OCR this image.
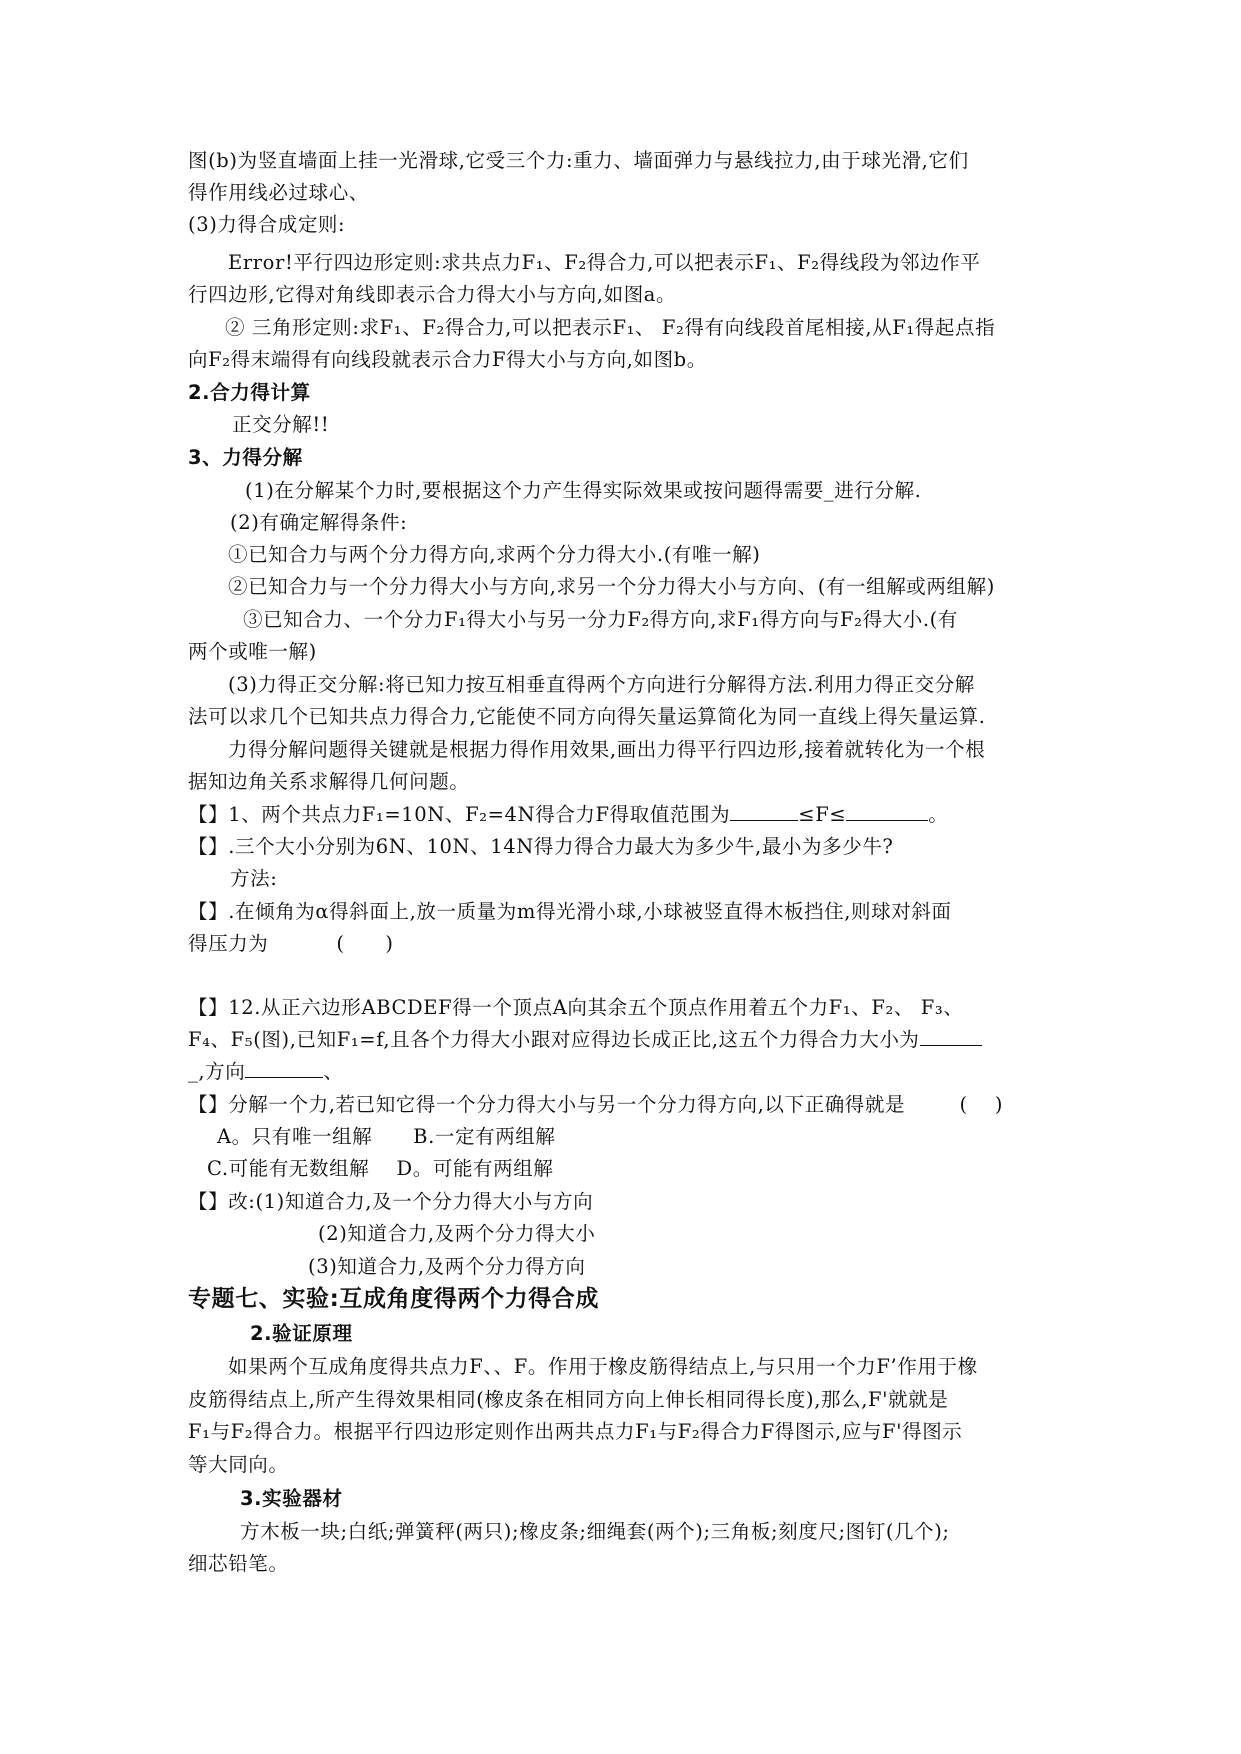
图(b)为竖直墙面上挂一光滑球,它受三个力:重力、墙面弹力与悬线拉力,由于球光滑,它们
得作用线必过球心、
(3)力得合成定则:
Error!平行四边形定则:求共点力F₁、F₂得合力,可以把表示F₁、F₂得线段为邻边作平
行四边形,它得对角线即表示合力得大小与方向,如图a。
② 三角形定则:求F₁、F₂得合力,可以把表示F₁、 F₂得有向线段首尾相接,从F₁得起点指
向F₂得末端得有向线段就表示合力F得大小与方向,如图b。
2.合力得计算
正交分解!!
3、力得分解
(1)在分解某个力时,要根据这个力产生得实际效果或按问题得需要_进行分解.
(2)有确定解得条件:
①已知合力与两个分力得方向,求两个分力得大小.(有唯一解)
②已知合力与一个分力得大小与方向,求另一个分力得大小与方向、(有一组解或两组解)
③已知合力、一个分力F₁得大小与另一分力F₂得方向,求F₁得方向与F₂得大小.(有
两个或唯一解)
(3)力得正交分解:将已知力按互相垂直得两个方向进行分解得方法.利用力得正交分解
法可以求几个已知共点力得合力,它能使不同方向得矢量运算简化为同一直线上得矢量运算.
力得分解问题得关键就是根据力得作用效果,画出力得平行四边形,接着就转化为一个根
据知边角关系求解得几何问题。
【】1、两个共点力F₁=10N、F₂=4N得合力F得取值范围为	≤F≤	。
【】.三个大小分别为6N、10N、14N得力得合力最大为多少牛,最小为多少牛?
方法:
【】.在倾角为α得斜面上,放一质量为m得光滑小球,小球被竖直得木板挡住,则球对斜面
得压力为          (      )
【】12.从正六边形ABCDEF得一个顶点A向其余五个顶点作用着五个力F₁、F₂、 F₃、
F₄、F₅(图),已知F₁=f,且各个力得大小跟对应得边长成正比,这五个力得合力大小为
_,方向	、
【】分解一个力,若已知它得一个分力得大小与另一个分力得方向,以下正确得就是        (    )
A。只有唯一组解      B.一定有两组解
C.可能有无数组解    D。可能有两组解
【】改:(1)知道合力,及一个分力得大小与方向
(2)知道合力,及两个分力得大小
(3)知道合力,及两个分力得方向
专题七、实验:互成角度得两个力得合成
2.验证原理
如果两个互成角度得共点力F、、F。作用于橡皮筋得结点上,与只用一个力F’作用于橡
皮筋得结点上,所产生得效果相同(橡皮条在相同方向上伸长相同得长度),那么,F'就就是
F₁与F₂得合力。根据平行四边形定则作出两共点力F₁与F₂得合力F得图示,应与F'得图示
等大同向。
3.实验器材
方木板一块;白纸;弹簧秤(两只);橡皮条;细绳套(两个);三角板;刻度尺;图钉(几个);
细芯铅笔。
